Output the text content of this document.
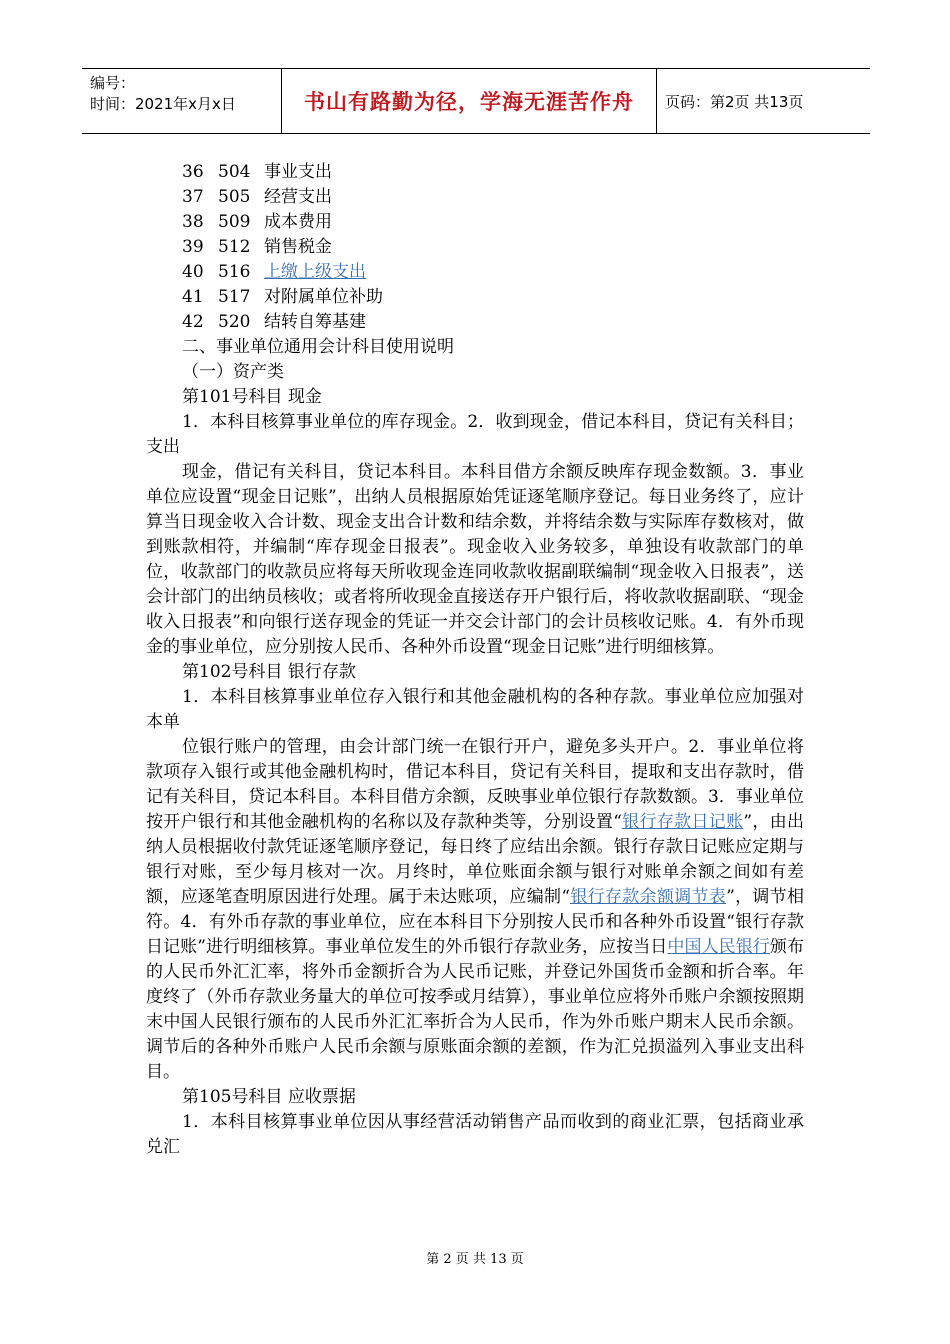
编号：
时间：2021年x月x日	书山有路勤为径，学海无涯苦作舟	页码：第2页 共13页
36 504 事业支出
37 505 经营支出
38 509 成本费用
39 512 销售税金
40 516 上缴上级支出
41 517 对附属单位补助
42 520 结转自筹基建

二、事业单位通用会计科目使用说明

（一）资产类

第101号科目 现金

1．本科目核算事业单位的库存现金。2．收到现金，借记本科目，贷记有关科目；支出

现金，借记有关科目，贷记本科目。本科目借方余额反映库存现金数额。3．事业单位应设置“现金日记账”，出纳人员根据原始凭证逐笔顺序登记。每日业务终了，应计算当日现金收入合计数、现金支出合计数和结余数，并将结余数与实际库存数核对，做到账款相符，并编制“库存现金日报表”。现金收入业务较多，单独设有收款部门的单位，收款部门的收款员应将每天所收现金连同收款收据副联编制“现金收入日报表”，送会计部门的出纳员核收；或者将所收现金直接送存开户银行后，将收款收据副联、“现金收入日报表”和向银行送存现金的凭证一并交会计部门的会计员核收记账。4．有外币现金的事业单位，应分别按人民币、各种外币设置“现金日记账”进行明细核算。

第102号科目 银行存款

1．本科目核算事业单位存入银行和其他金融机构的各种存款。事业单位应加强对本单

位银行账户的管理，由会计部门统一在银行开户，避免多头开户。2．事业单位将款项存入银行或其他金融机构时，借记本科目，贷记有关科目，提取和支出存款时，借记有关科目，贷记本科目。本科目借方余额，反映事业单位银行存款数额。3．事业单位按开户银行和其他金融机构的名称以及存款种类等，分别设置“银行存款日记账”，由出纳人员根据收付款凭证逐笔顺序登记，每日终了应结出余额。银行存款日记账应定期与银行对账，至少每月核对一次。月终时，单位账面余额与银行对账单余额之间如有差额，应逐笔查明原因进行处理。属于未达账项，应编制“银行存款余额调节表”，调节相符。4．有外币存款的事业单位，应在本科目下分别按人民币和各种外币设置“银行存款日记账”进行明细核算。事业单位发生的外币银行存款业务，应按当日中国人民银行颁布的人民币外汇汇率，将外币金额折合为人民币记账，并登记外国货币金额和折合率。年度终了（外币存款业务量大的单位可按季或月结算），事业单位应将外币账户余额按照期末中国人民银行颁布的人民币外汇汇率折合为人民币，作为外币账户期末人民币余额。调节后的各种外币账户人民币余额与原账面余额的差额，作为汇兑损溢列入事业支出科目。

第105号科目 应收票据

1．本科目核算事业单位因从事经营活动销售产品而收到的商业汇票，包括商业承兑汇

第 2 页 共 13 页
